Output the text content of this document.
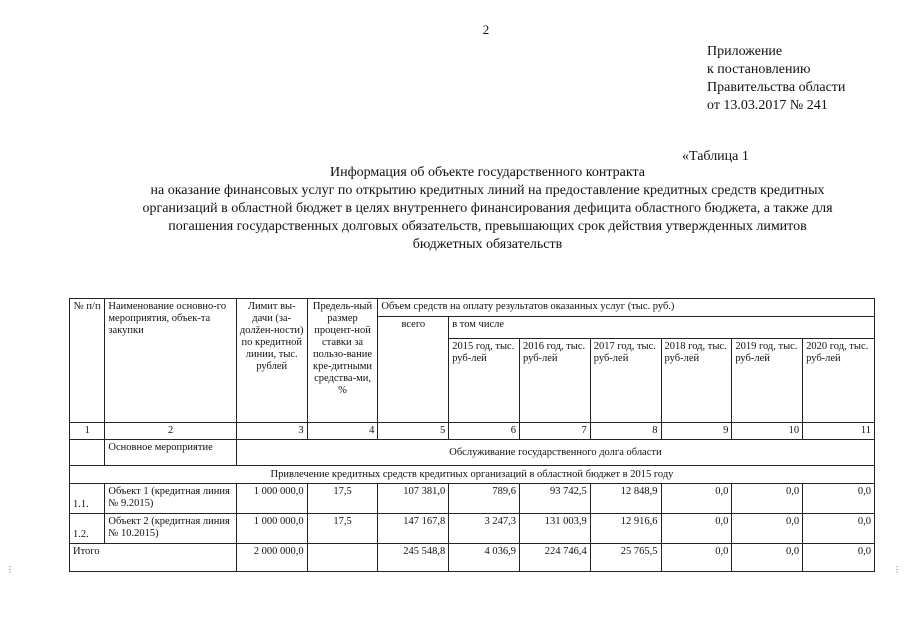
2
Приложение
к постановлению
Правительства области
от 13.03.2017 № 241
«Таблица 1
Информация об объекте государственного контракта
на оказание финансовых услуг по открытию кредитных линий на предоставление кредитных средств кредитных
организаций в областной бюджет в целях внутреннего финансирования дефицита областного бюджета, а также для
погашения государственных долговых обязательств, превышающих срок действия утвержденных лимитов
бюджетных обязательств
№ п/п	Наименование основно-го мероприятия, объек-та закупки	Лимит вы-дачи (за-долžен-ности) по кредитной линии, тыс. рублей	Предель-ный размер процент-ной ставки за пользо-вание кре-дитными средства-ми, %	Объем средств на оплату результатов оказанных услуг (тыс. руб.)						
				всего	в том числе					
					2015 год, тыс. руб-лей	2016 год, тыс. руб-лей	2017 год, тыс. руб-лей	2018 год, тыс. руб-лей	2019 год, тыс. руб-лей	2020 год, тыс. руб-лей
1	2	3	4	5	6	7	8	9	10	11
	Основное мероприятие	Обслуживание государственного долга области								
Привлечение кредитных средств кредитных организаций в областной бюджет в 2015 году										
1.1.	Объект 1 (кредитная линия № 9.2015)	1 000 000,0	17,5	107 381,0	789,6	93 742,5	12 848,9	0,0	0,0	0,0
1.2.	Объект 2 (кредитная линия № 10.2015)	1 000 000,0	17,5	147 167,8	3 247,3	131 003,9	12 916,6	0,0	0,0	0,0
Итого		2 000 000,0		245 548,8	4 036,9	224 746,4	25 765,5	0,0	0,0	0,0
⋮	⋮
